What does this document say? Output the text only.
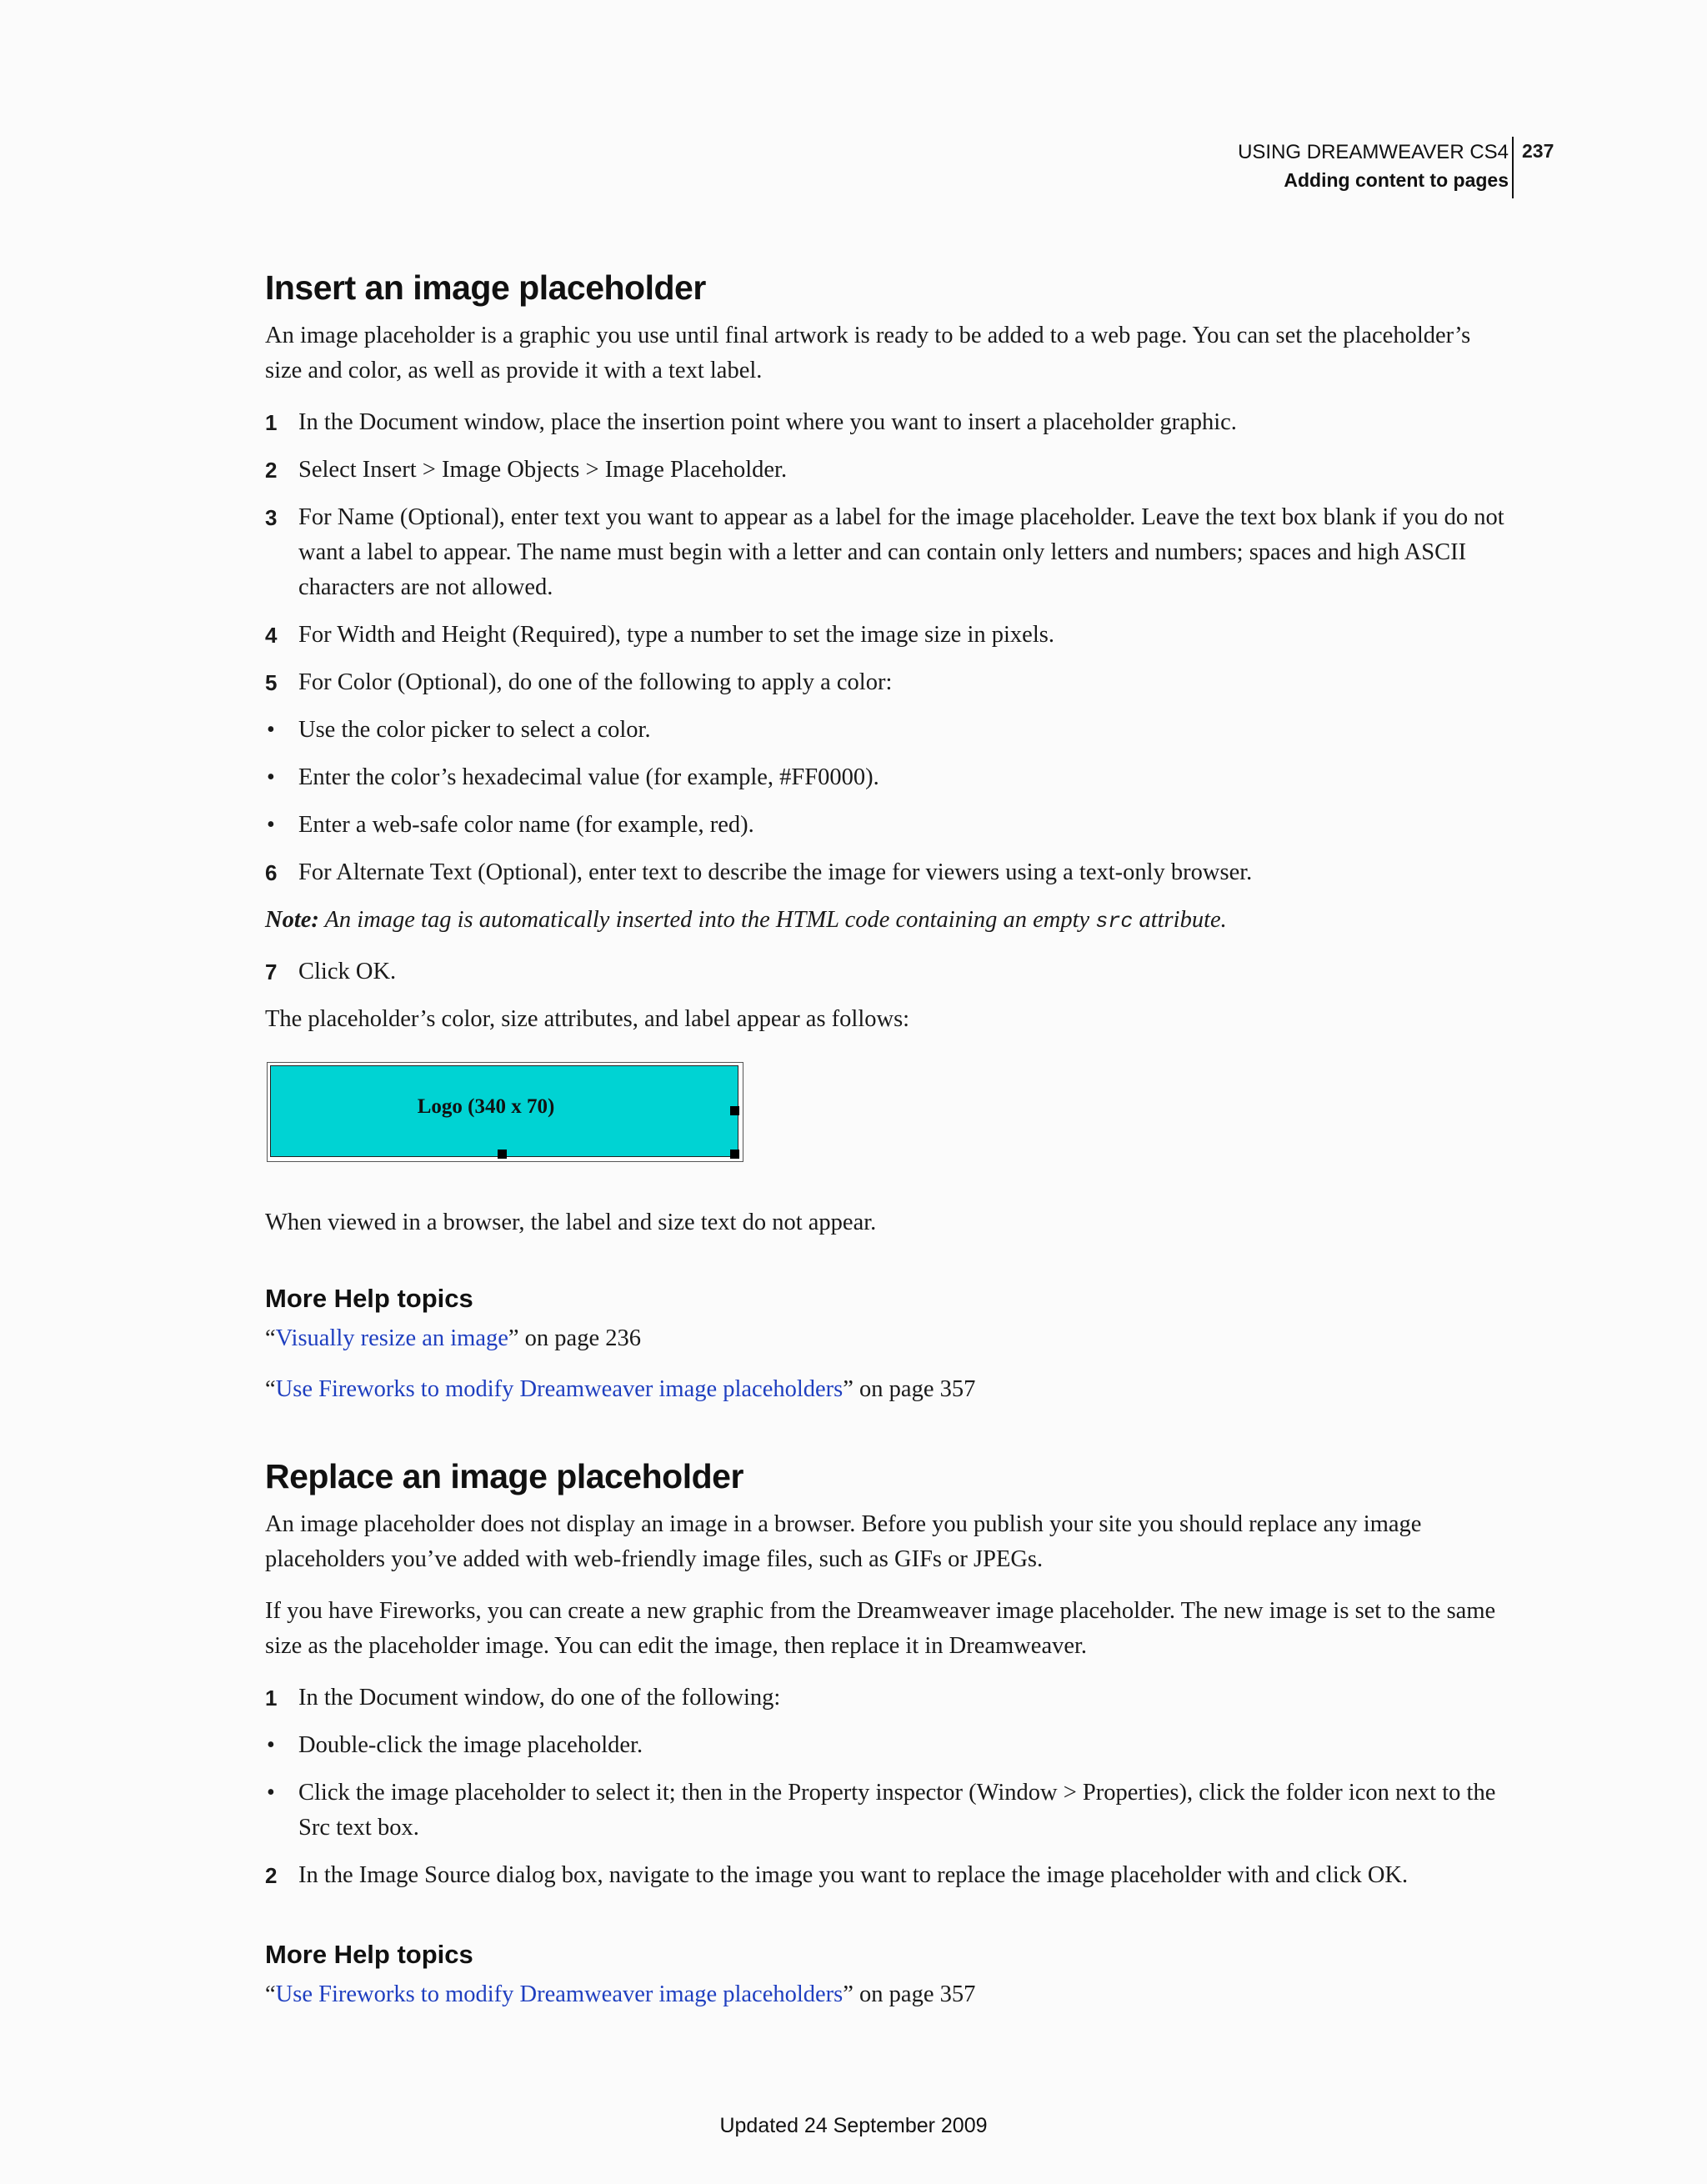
USING DREAMWEAVER CS4
Adding content to pages
237
Insert an image placeholder

An image placeholder is a graphic you use until final artwork is ready to be added to a web page. You can set the placeholder’s size and color, as well as provide it with a text label.

1 In the Document window, place the insertion point where you want to insert a placeholder graphic.
2 Select Insert > Image Objects > Image Placeholder.
3 For Name (Optional), enter text you want to appear as a label for the image placeholder. Leave the text box blank if you do not want a label to appear. The name must begin with a letter and can contain only letters and numbers; spaces and high ASCII characters are not allowed.
4 For Width and Height (Required), type a number to set the image size in pixels.
5 For Color (Optional), do one of the following to apply a color:
• Use the color picker to select a color.
• Enter the color’s hexadecimal value (for example, #FF0000).
• Enter a web-safe color name (for example, red).
6 For Alternate Text (Optional), enter text to describe the image for viewers using a text-only browser.

Note: An image tag is automatically inserted into the HTML code containing an empty src attribute.

7 Click OK.

The placeholder’s color, size attributes, and label appear as follows:

Logo (340 x 70)

When viewed in a browser, the label and size text do not appear.

More Help topics

“Visually resize an image” on page 236

“Use Fireworks to modify Dreamweaver image placeholders” on page 357

Replace an image placeholder

An image placeholder does not display an image in a browser. Before you publish your site you should replace any image placeholders you’ve added with web-friendly image files, such as GIFs or JPEGs.

If you have Fireworks, you can create a new graphic from the Dreamweaver image placeholder. The new image is set to the same size as the placeholder image. You can edit the image, then replace it in Dreamweaver.

1 In the Document window, do one of the following:
• Double-click the image placeholder.
• Click the image placeholder to select it; then in the Property inspector (Window > Properties), click the folder icon next to the Src text box.
2 In the Image Source dialog box, navigate to the image you want to replace the image placeholder with and click OK.
More Help topics

“Use Fireworks to modify Dreamweaver image placeholders” on page 357

Updated 24 September 2009
